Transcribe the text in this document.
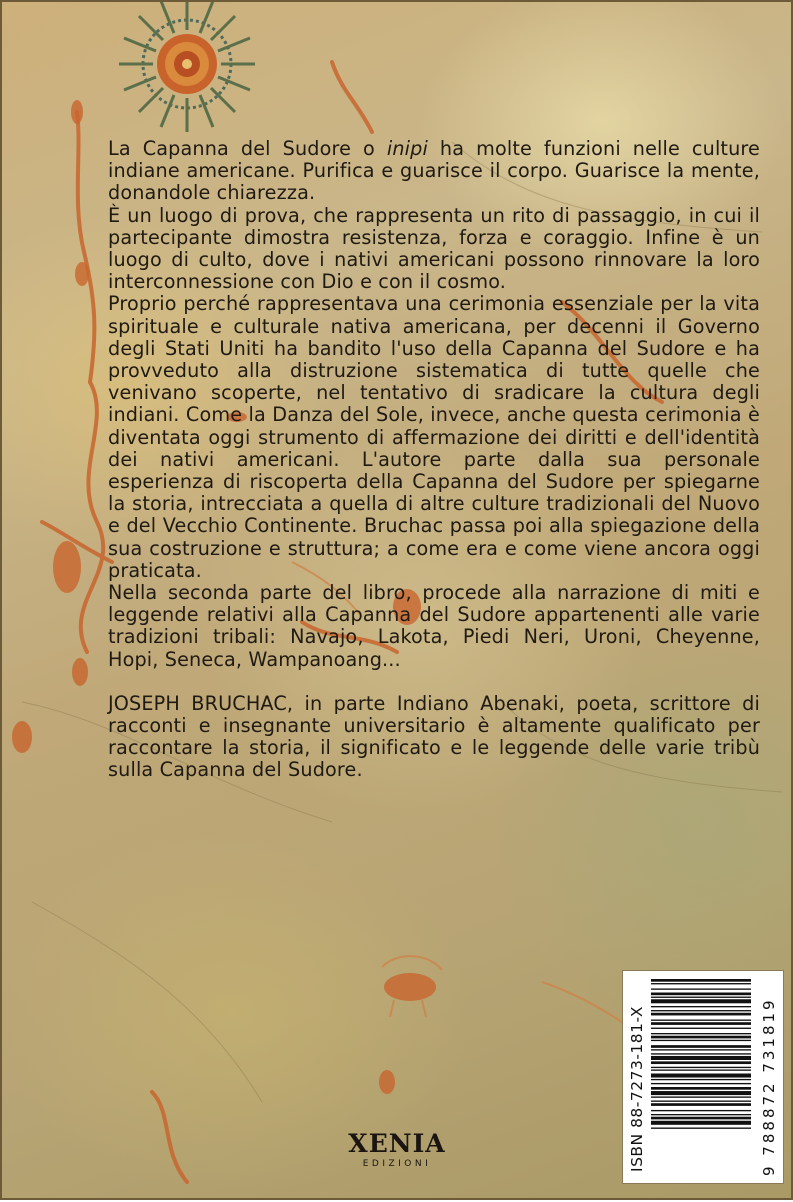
La Capanna del Sudore o inipi ha molte funzioni nelle culture indiane americane. Purifica e guarisce il corpo. Guarisce la mente, donandole chiarezza.

È un luogo di prova, che rappresenta un rito di passaggio, in cui il partecipante dimostra resistenza, forza e coraggio. Infine è un luogo di culto, dove i nativi americani possono rinnovare la loro interconnessione con Dio e con il cosmo.

Proprio perché rappresentava una cerimonia essenziale per la vita spirituale e culturale nativa americana, per decenni il Governo degli Stati Uniti ha bandito l'uso della Capanna del Sudore e ha provveduto alla distruzione sistematica di tutte quelle che venivano scoperte, nel tentativo di sradicare la cultura degli indiani. Come la Danza del Sole, invece, anche questa cerimonia è diventata oggi strumento di affermazione dei diritti e dell'identità dei nativi americani. L'autore parte dalla sua personale esperienza di riscoperta della Capanna del Sudore per spiegarne la storia, intrecciata a quella di altre culture tradizionali del Nuovo e del Vecchio Continente. Bruchac passa poi alla spiegazione della sua costruzione e struttura; a come era e come viene ancora oggi praticata.

Nella seconda parte del libro, procede alla narrazione di miti e leggende relativi alla Capanna del Sudore appartenenti alle varie tradizioni tribali: Navajo, Lakota, Piedi Neri, Uroni, Cheyenne, Hopi, Seneca, Wampanoang...

JOSEPH BRUCHAC, in parte Indiano Abenaki, poeta, scrittore di racconti e insegnante universitario è altamente qualificato per raccontare la storia, il significato e le leggende delle varie tribù sulla Capanna del Sudore.

ISBN 88-7273-181-X	9 788872 731819
XENIA
EDIZIONI
